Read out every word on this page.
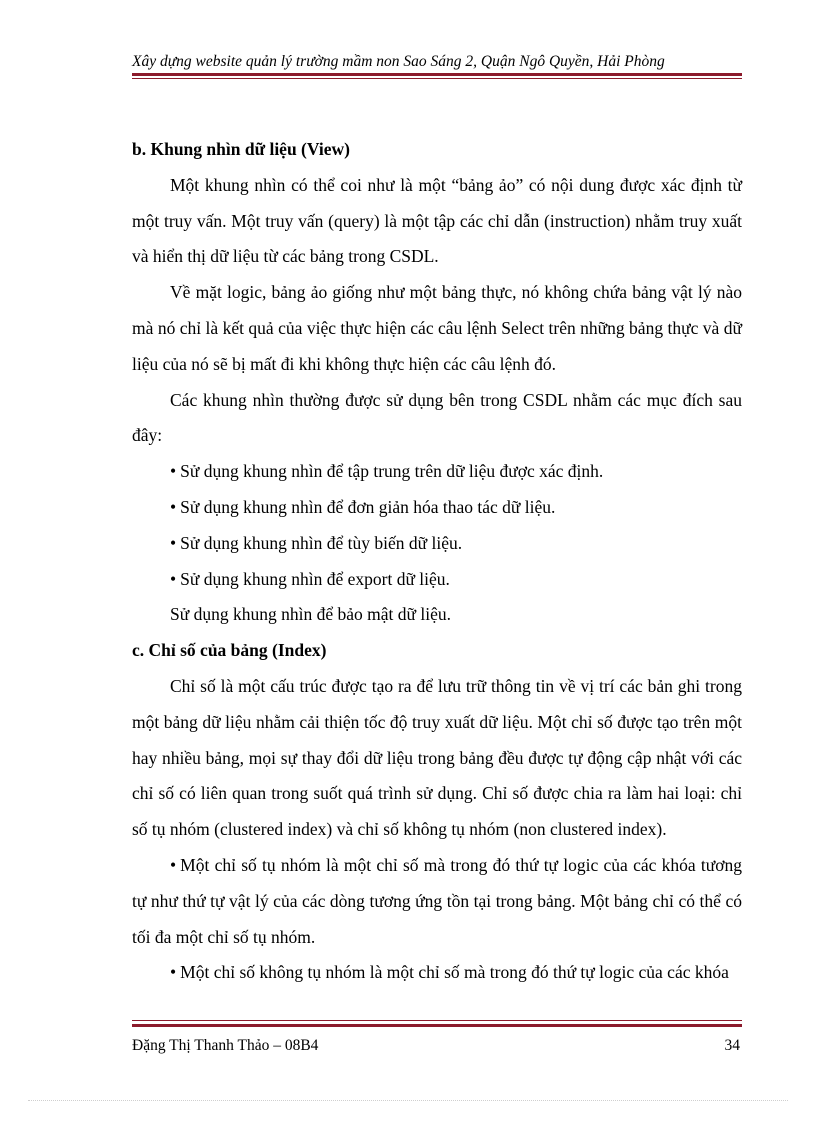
Xây dựng website quản lý trường mầm non Sao Sáng 2, Quận Ngô Quyền, Hải Phòng

b. Khung nhìn dữ liệu (View)

Một khung nhìn có thể coi như là một “bảng ảo” có nội dung được xác định từ một truy vấn. Một truy vấn (query) là một tập các chỉ dẫn (instruction) nhằm truy xuất và hiển thị dữ liệu từ các bảng trong CSDL.

Về mặt logic, bảng ảo giống như một bảng thực, nó không chứa bảng vật lý nào mà nó chỉ là kết quả của việc thực hiện các câu lệnh Select trên những bảng thực và dữ liệu của nó sẽ bị mất đi khi không thực hiện các câu lệnh đó.

Các khung nhìn thường được sử dụng bên trong CSDL nhằm các mục đích sau đây:

• Sử dụng khung nhìn để tập trung trên dữ liệu được xác định.

• Sử dụng khung nhìn để đơn giản hóa thao tác dữ liệu.

• Sử dụng khung nhìn để tùy biến dữ liệu.

• Sử dụng khung nhìn để export dữ liệu.

Sử dụng khung nhìn để bảo mật dữ liệu.

c. Chỉ số của bảng (Index)

Chỉ số là một cấu trúc được tạo ra để lưu trữ thông tin về vị trí các bản ghi trong một bảng dữ liệu nhằm cải thiện tốc độ truy xuất dữ liệu. Một chỉ số được tạo trên một hay nhiều bảng, mọi sự thay đổi dữ liệu trong bảng đều được tự động cập nhật với các chỉ số có liên quan trong suốt quá trình sử dụng. Chỉ số được chia ra làm hai loại: chỉ số tụ nhóm (clustered index) và chỉ số không tụ nhóm (non clustered index).

• Một chỉ số tụ nhóm là một chỉ số mà trong đó thứ tự logic của các khóa tương tự như thứ tự vật lý của các dòng tương ứng tồn tại trong bảng. Một bảng chỉ có thể có tối đa một chỉ số tụ nhóm.

• Một chỉ số không tụ nhóm là một chỉ số mà trong đó thứ tự logic của các khóa

Đặng Thị Thanh Thảo – 08B4	34
